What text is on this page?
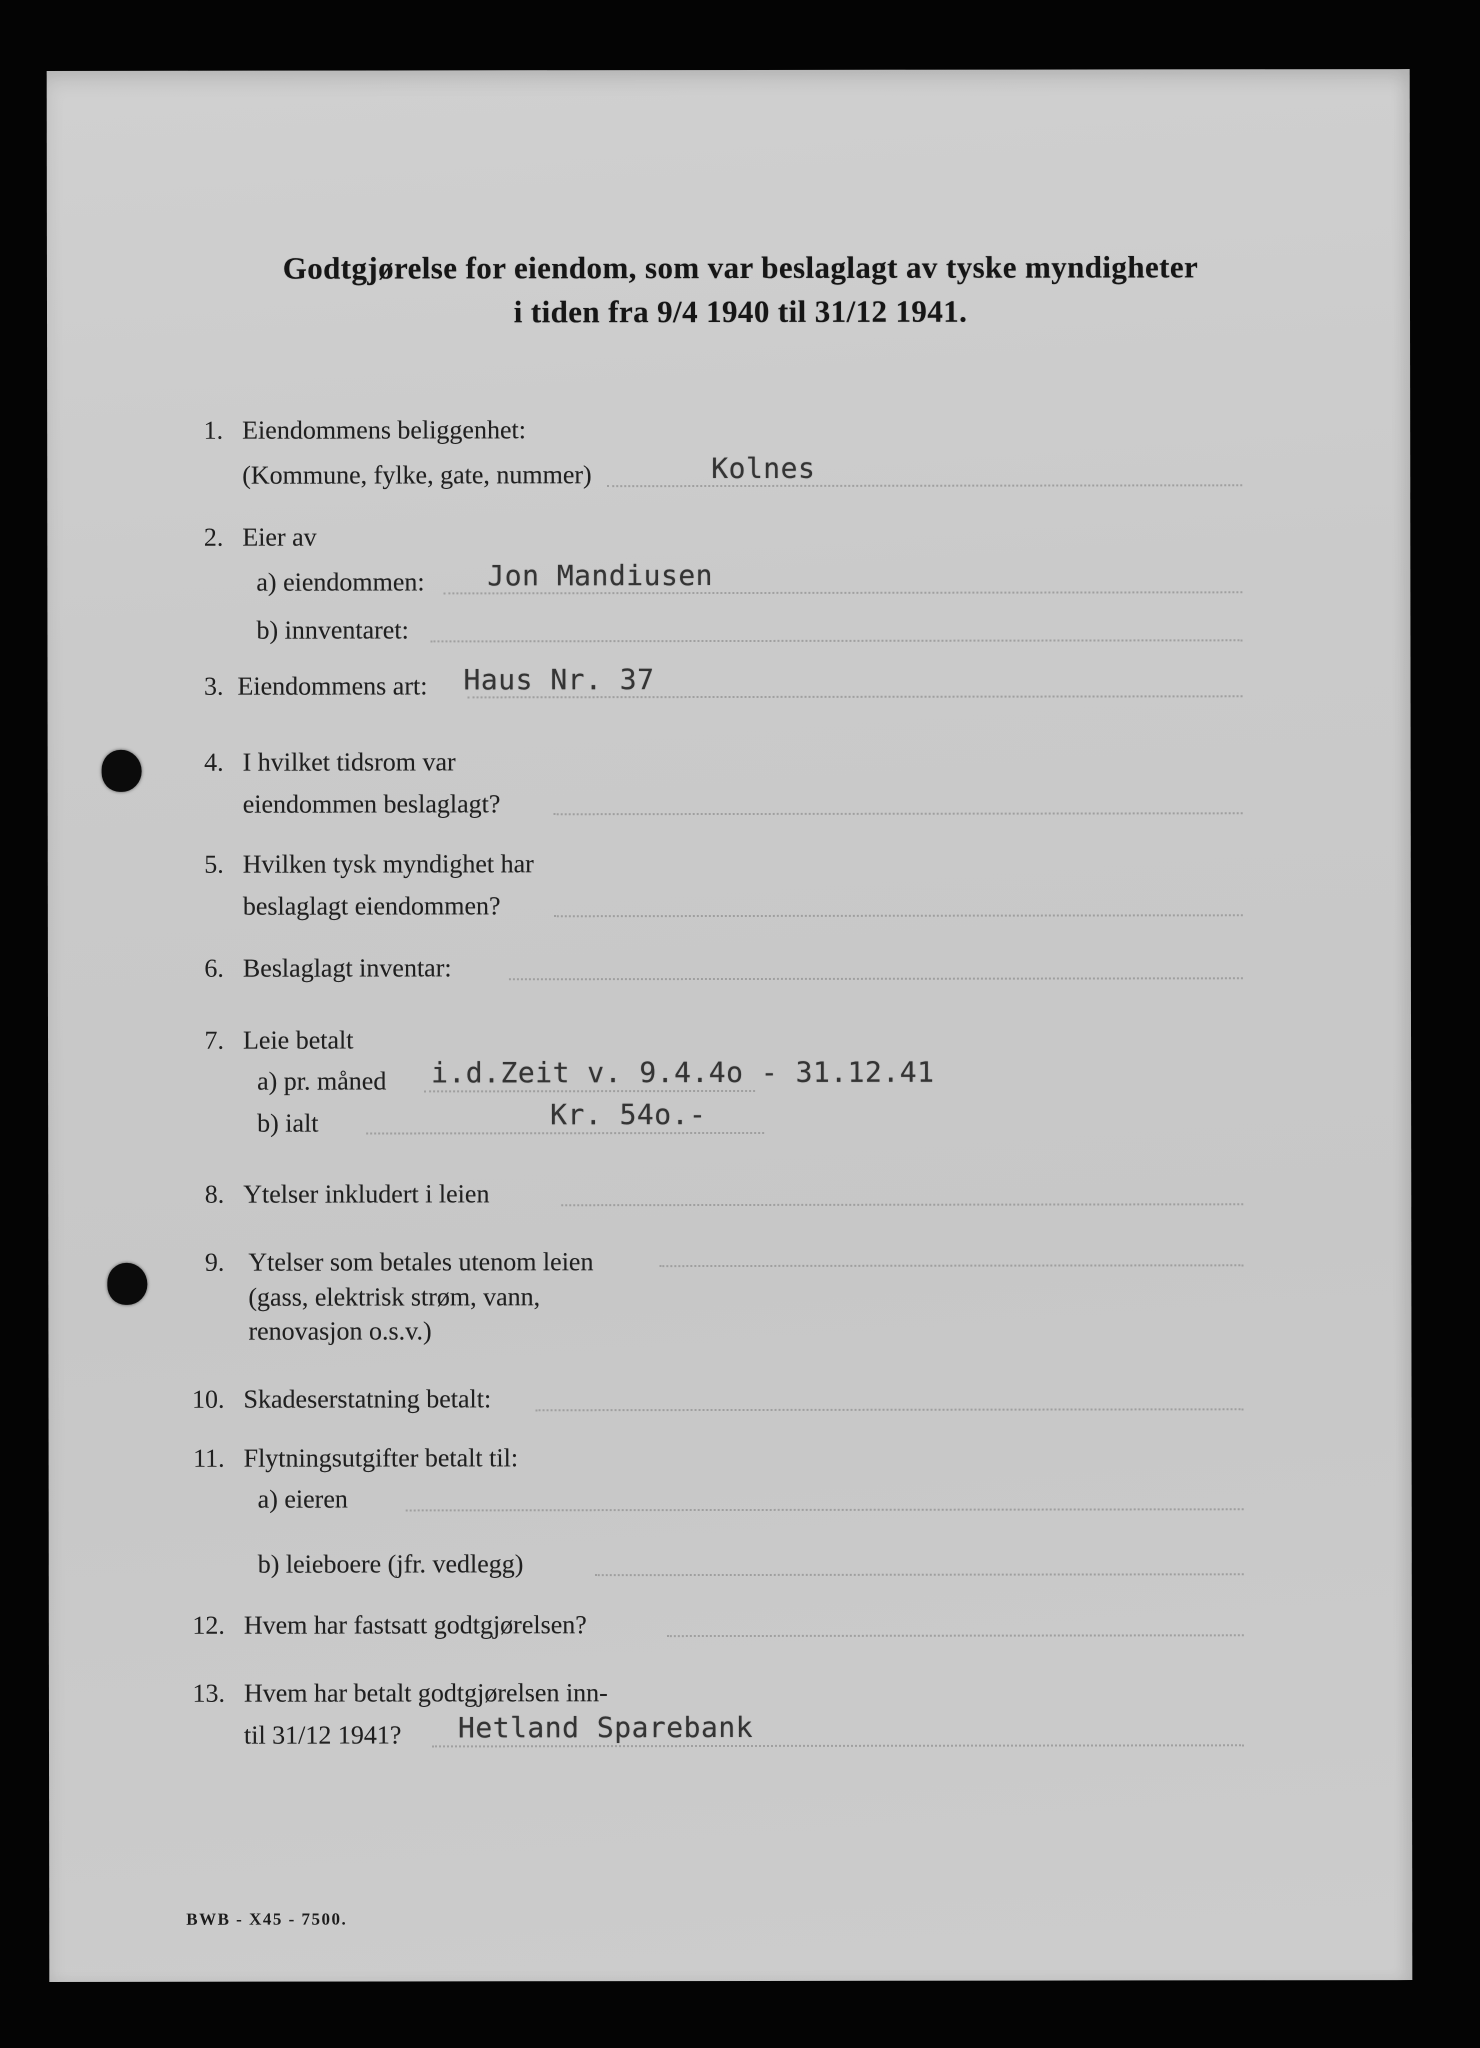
Godtgjørelse for eiendom, som var beslaglagt av tyske myndigheter
i tiden fra 9/4 1940 til 31/12 1941.
1. Eiendommens beliggenhet:
(Kommune, fylke, gate, nummer)	Kolnes
2. Eier av
a) eiendommen: Jon Mandiusen
b) innventaret:
3. Eiendommens art: Haus Nr. 37
4. I hvilket tidsrom var
eiendommen beslaglagt?
5. Hvilken tysk myndighet har
beslaglagt eiendommen?
6. Beslaglagt inventar:
7. Leie betalt
a) pr. måned i.d.Zeit v. 9.4.4o - 31.12.41
b) ialt	Kr. 54o.-
8. Ytelser inkludert i leien
9. Ytelser som betales utenom leien
(gass, elektrisk strøm, vann,
renovasjon o.s.v.)
10. Skadeserstatning betalt:
11. Flytningsutgifter betalt til:
a) eieren
b) leieboere (jfr. vedlegg)
12. Hvem har fastsatt godtgjørelsen?
13. Hvem har betalt godtgjørelsen inn-
til 31/12 1941? Hetland Sparebank
BWB - X45 - 7500.
